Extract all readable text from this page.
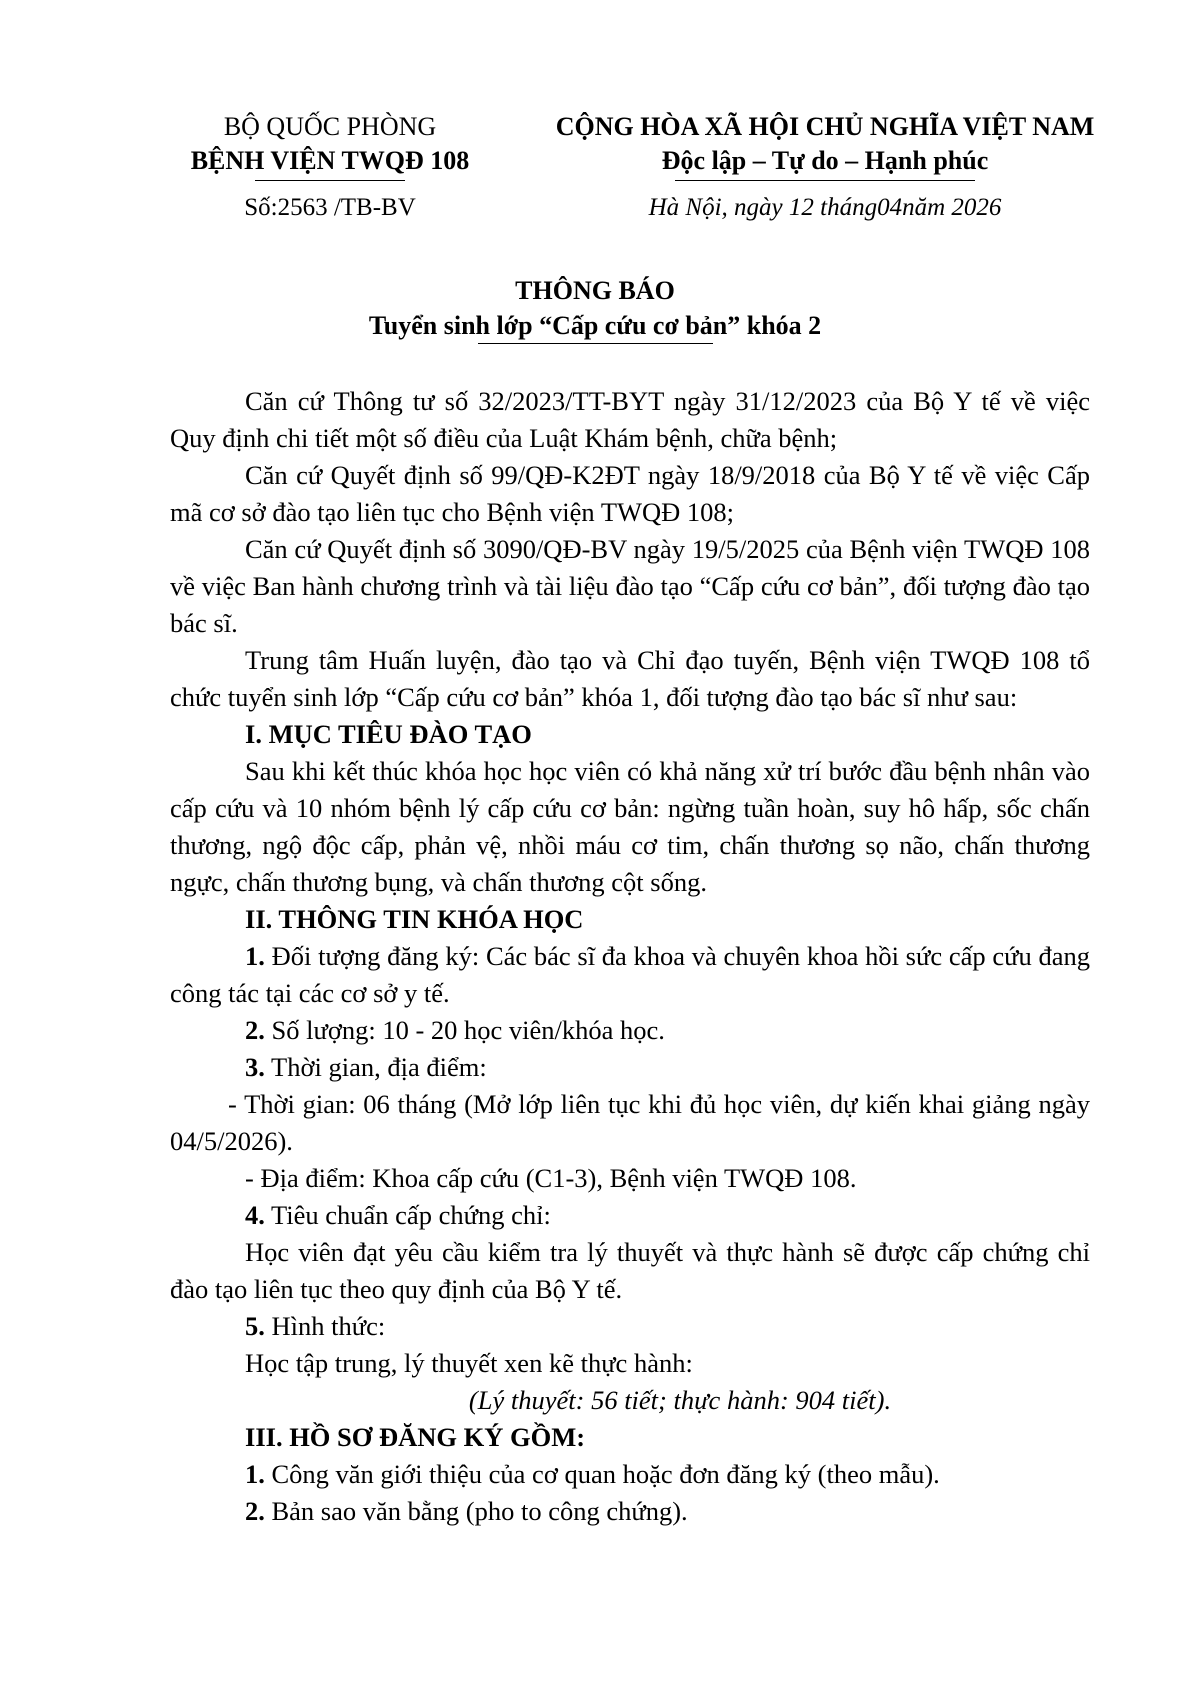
BỘ QUỐC PHÒNG
BỆNH VIỆN TWQĐ 108
Số:2563 /TB-BV
CỘNG HÒA XÃ HỘI CHỦ NGHĨA VIỆT NAM
Độc lập – Tự do – Hạnh phúc
Hà Nội, ngày 12 tháng04năm 2026
THÔNG BÁO
Tuyển sinh lớp “Cấp cứu cơ bản” khóa 2

Căn cứ Thông tư số 32/2023/TT-BYT ngày 31/12/2023 của Bộ Y tế về việc Quy định chi tiết một số điều của Luật Khám bệnh, chữa bệnh;

Căn cứ Quyết định số 99/QĐ-K2ĐT ngày 18/9/2018 của Bộ Y tế về việc Cấp mã cơ sở đào tạo liên tục cho Bệnh viện TWQĐ 108;

Căn cứ Quyết định số 3090/QĐ-BV ngày 19/5/2025 của Bệnh viện TWQĐ 108 về việc Ban hành chương trình và tài liệu đào tạo “Cấp cứu cơ bản”, đối tượng đào tạo bác sĩ.

Trung tâm Huấn luyện, đào tạo và Chỉ đạo tuyến, Bệnh viện TWQĐ 108 tổ chức tuyển sinh lớp “Cấp cứu cơ bản” khóa 1, đối tượng đào tạo bác sĩ như sau:

I. MỤC TIÊU ĐÀO TẠO

Sau khi kết thúc khóa học học viên có khả năng xử trí bước đầu bệnh nhân vào cấp cứu và 10 nhóm bệnh lý cấp cứu cơ bản: ngừng tuần hoàn, suy hô hấp, sốc chấn thương, ngộ độc cấp, phản vệ, nhồi máu cơ tim, chấn thương sọ não, chấn thương ngực, chấn thương bụng, và chấn thương cột sống.

II. THÔNG TIN KHÓA HỌC

1. Đối tượng đăng ký: Các bác sĩ đa khoa và chuyên khoa hồi sức cấp cứu đang công tác tại các cơ sở y tế.

2. Số lượng: 10 - 20 học viên/khóa học.

3. Thời gian, địa điểm:

- Thời gian: 06 tháng (Mở lớp liên tục khi đủ học viên, dự kiến khai giảng ngày 04/5/2026).

- Địa điểm: Khoa cấp cứu (C1-3), Bệnh viện TWQĐ 108.

4. Tiêu chuẩn cấp chứng chỉ:

Học viên đạt yêu cầu kiểm tra lý thuyết và thực hành sẽ được cấp chứng chỉ đào tạo liên tục theo quy định của Bộ Y tế.

5. Hình thức:

Học tập trung, lý thuyết xen kẽ thực hành:

(Lý thuyết: 56 tiết; thực hành: 904 tiết).

III. HỒ SƠ ĐĂNG KÝ GỒM:

1. Công văn giới thiệu của cơ quan hoặc đơn đăng ký (theo mẫu).

2. Bản sao văn bằng (pho to công chứng).
